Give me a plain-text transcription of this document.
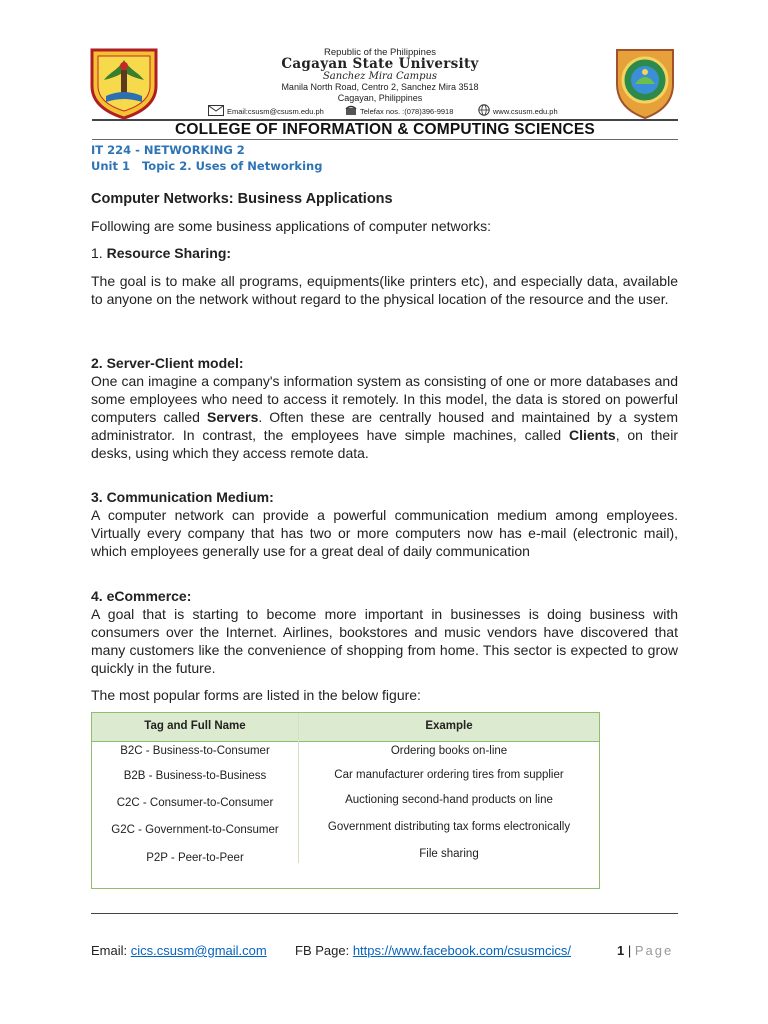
Republic of the Philippines
Cagayan State University
Sanchez Mira Campus
Manila North Road, Centro 2, Sanchez Mira 3518
Cagayan, Philippines
Email:csusm@csusm.edu.ph	Telefax nos. :(078)396-9918	www.csusm.edu.ph
COLLEGE OF INFORMATION & COMPUTING SCIENCES
IT 224 - NETWORKING 2
Unit 1 Topic 2. Uses of Networking
Computer Networks: Business Applications
Following are some business applications of computer networks:
1. Resource Sharing:
The goal is to make all programs, equipments(like printers etc), and especially data, available to anyone on the network without regard to the physical location of the resource and the user.
2. Server-Client model:
One can imagine a company's information system as consisting of one or more databases and some employees who need to access it remotely. In this model, the data is stored on powerful computers called Servers. Often these are centrally housed and maintained by a system administrator. In contrast, the employees have simple machines, called Clients, on their desks, using which they access remote data.
3. Communication Medium:
A computer network can provide a powerful communication medium among employees. Virtually every company that has two or more computers now has e-mail (electronic mail), which employees generally use for a great deal of daily communication
4. eCommerce:
A goal that is starting to become more important in businesses is doing business with consumers over the Internet. Airlines, bookstores and music vendors have discovered that many customers like the convenience of shopping from home. This sector is expected to grow quickly in the future.
The most popular forms are listed in the below figure:
Tag and Full Name	Example
B2C - Business-to-Consumer	Ordering books on-line
B2B - Business-to-Business	Car manufacturer ordering tires from supplier
C2C - Consumer-to-Consumer	Auctioning second-hand products on line
G2C - Government-to-Consumer	Government distributing tax forms electronically
P2P - Peer-to-Peer	File sharing
Email: cics.csusm@gmail.com FB Page: https://www.facebook.com/csusmcics/	1 | Page
